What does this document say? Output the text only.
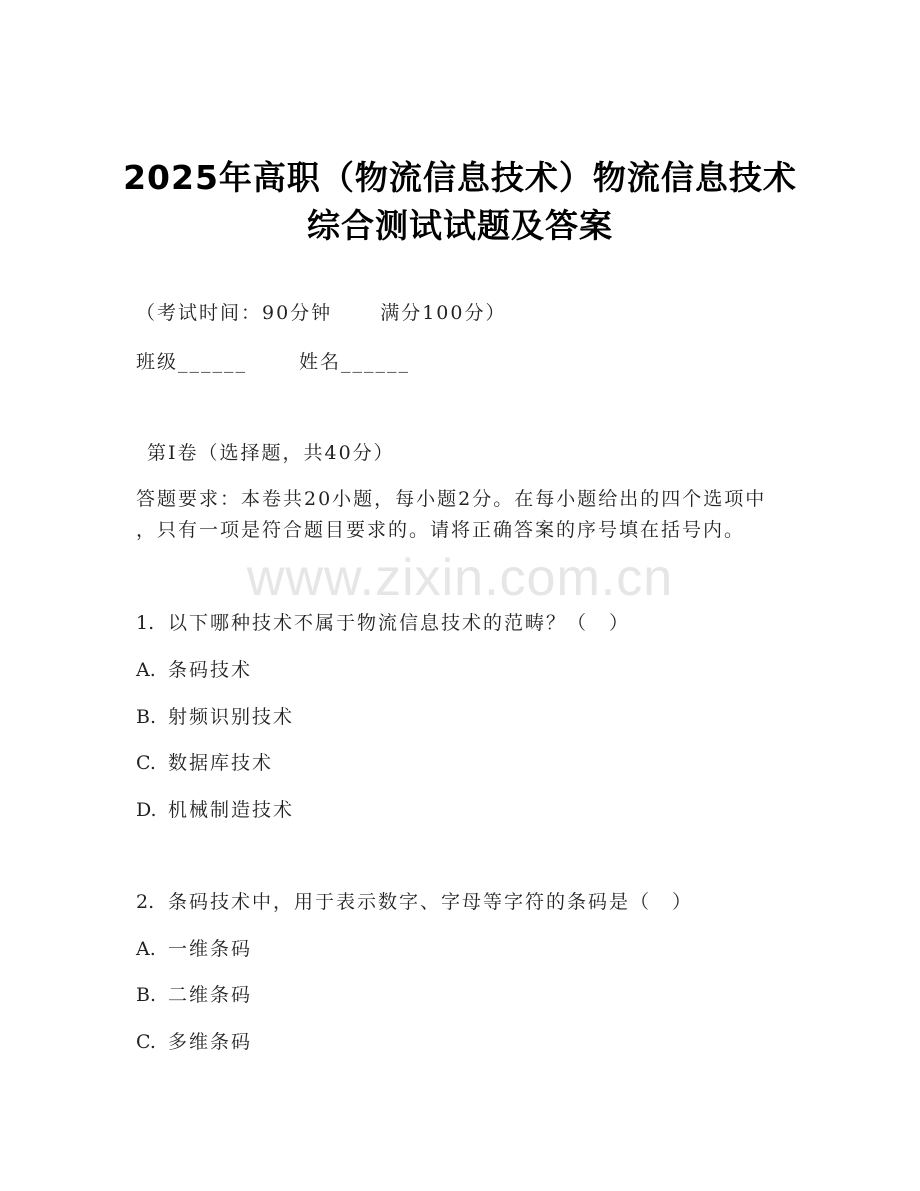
2025年高职（物流信息技术）物流信息技术
综合测试试题及答案
（考试时间：90分钟	满分100分）
班级______	姓名______
第Ⅰ卷（选择题，共40分）
答题要求：本卷共20小题，每小题2分。在每小题给出的四个选项中
，只有一项是符合题目要求的。请将正确答案的序号填在括号内。
www.zixin.com.cn
1. 以下哪种技术不属于物流信息技术的范畴？（　）
A. 条码技术
B. 射频识别技术
C. 数据库技术
D. 机械制造技术
2. 条码技术中，用于表示数字、字母等字符的条码是（　）
A. 一维条码
B. 二维条码
C. 多维条码
